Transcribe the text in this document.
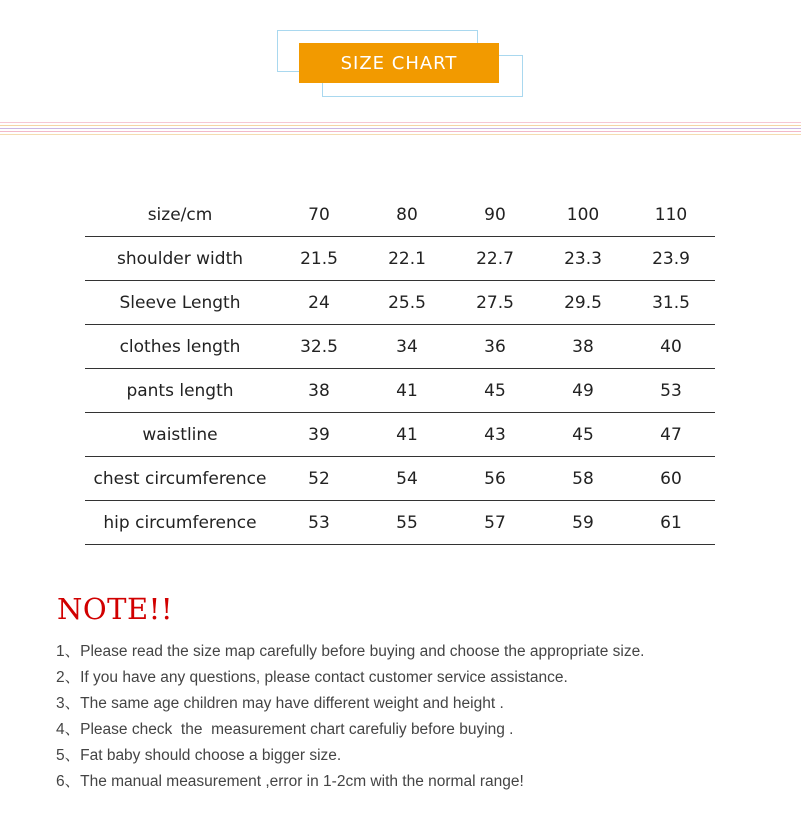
SIZE CHART
size/cm	70	80	90	100	110
shoulder width	21.5	22.1	22.7	23.3	23.9
Sleeve Length	24	25.5	27.5	29.5	31.5
clothes length	32.5	34	36	38	40
pants length	38	41	45	49	53
waistline	39	41	43	45	47
chest circumference	52	54	56	58	60
hip circumference	53	55	57	59	61
NOTE!!
1、Please read the size map carefully before buying and choose the appropriate size.
2、If you have any questions, please contact customer service assistance.
3、The same age children may have different weight and height .
4、Please check  the  measurement chart carefuliy before buying .
5、Fat baby should choose a bigger size.
6、The manual measurement ,error in 1-2cm with the normal range!
